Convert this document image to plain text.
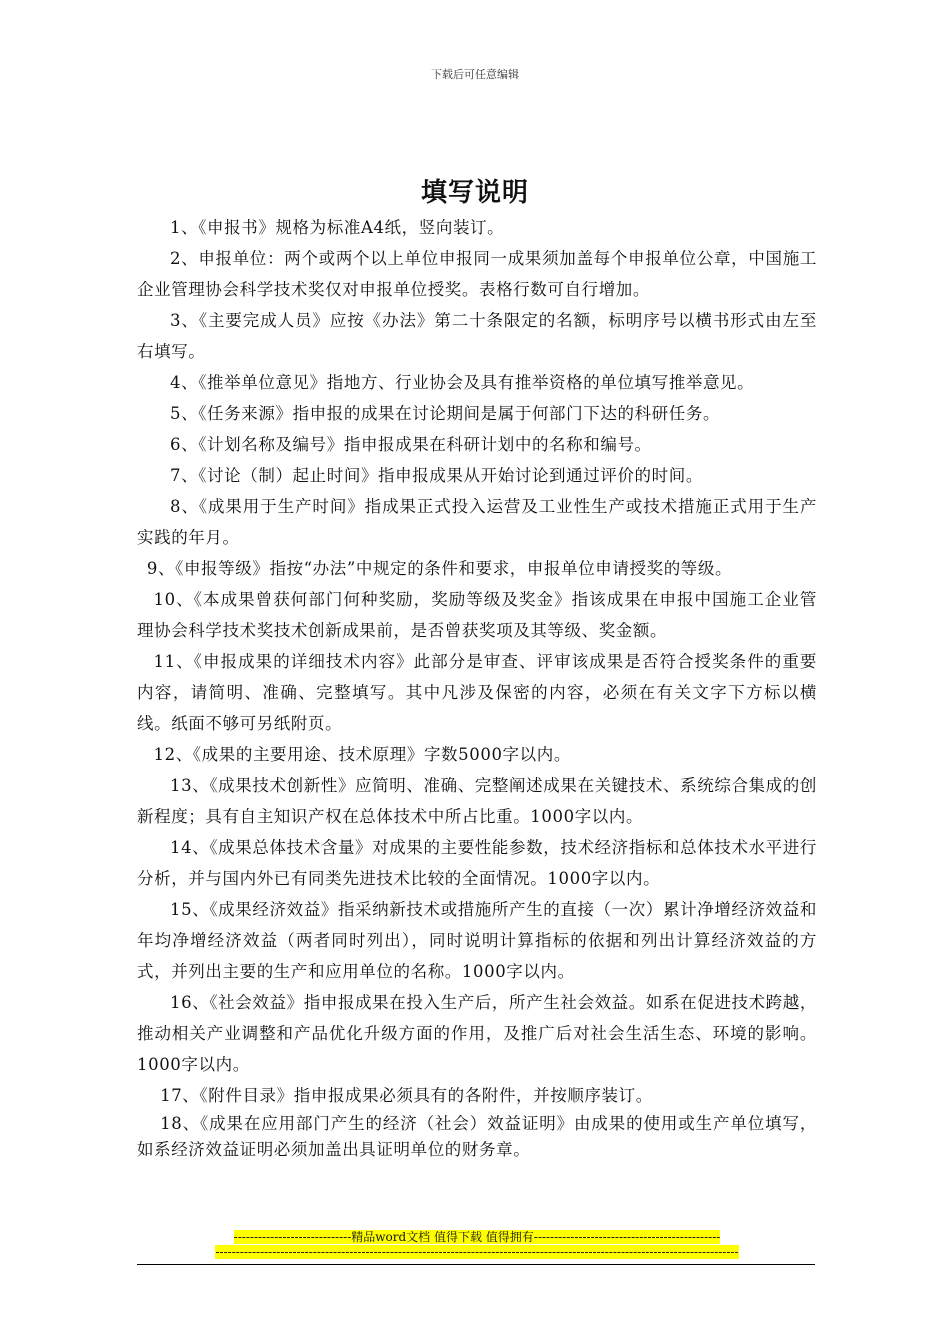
下载后可任意编辑
填写说明

1、《申报书》规格为标准A4纸，竖向装订。

2、申报单位：两个或两个以上单位申报同一成果须加盖每个申报单位公章，中国施工企业管理协会科学技术奖仅对申报单位授奖。表格行数可自行增加。

3、《主要完成人员》应按《办法》第二十条限定的名额，标明序号以横书形式由左至右填写。

4、《推举单位意见》指地方、行业协会及具有推举资格的单位填写推举意见。

5、《任务来源》指申报的成果在讨论期间是属于何部门下达的科研任务。

6、《计划名称及编号》指申报成果在科研计划中的名称和编号。

7、《讨论（制）起止时间》指申报成果从开始讨论到通过评价的时间。

8、《成果用于生产时间》指成果正式投入运营及工业性生产或技术措施正式用于生产实践的年月。

9、《申报等级》指按“办法”中规定的条件和要求，申报单位申请授奖的等级。

10、《本成果曾获何部门何种奖励，奖励等级及奖金》指该成果在申报中国施工企业管理协会科学技术奖技术创新成果前，是否曾获奖项及其等级、奖金额。

11、《申报成果的详细技术内容》此部分是审查、评审该成果是否符合授奖条件的重要内容，请简明、准确、完整填写。其中凡涉及保密的内容，必须在有关文字下方标以横线。纸面不够可另纸附页。

12、《成果的主要用途、技术原理》字数5000字以内。

13、《成果技术创新性》应简明、准确、完整阐述成果在关键技术、系统综合集成的创新程度；具有自主知识产权在总体技术中所占比重。1000字以内。

14、《成果总体技术含量》对成果的主要性能参数，技术经济指标和总体技术水平进行分析，并与国内外已有同类先进技术比较的全面情况。1000字以内。

15、《成果经济效益》指采纳新技术或措施所产生的直接（一次）累计净增经济效益和年均净增经济效益（两者同时列出），同时说明计算指标的依据和列出计算经济效益的方式，并列出主要的生产和应用单位的名称。1000字以内。

16、《社会效益》指申报成果在投入生产后，所产生社会效益。如系在促进技术跨越，推动相关产业调整和产品优化升级方面的作用，及推广后对社会生活生态、环境的影响。 1000字以内。

17、《附件目录》指申报成果必须具有的各附件，并按顺序装订。

18、《成果在应用部门产生的经济（社会）效益证明》由成果的使用或生产单位填写，如系经济效益证明必须加盖出具证明单位的财务章。

-----------------------------精品word文档 值得下载 值得拥有----------------------------------------------
---------------------------------------------------------------------------------------------------------------------------------
